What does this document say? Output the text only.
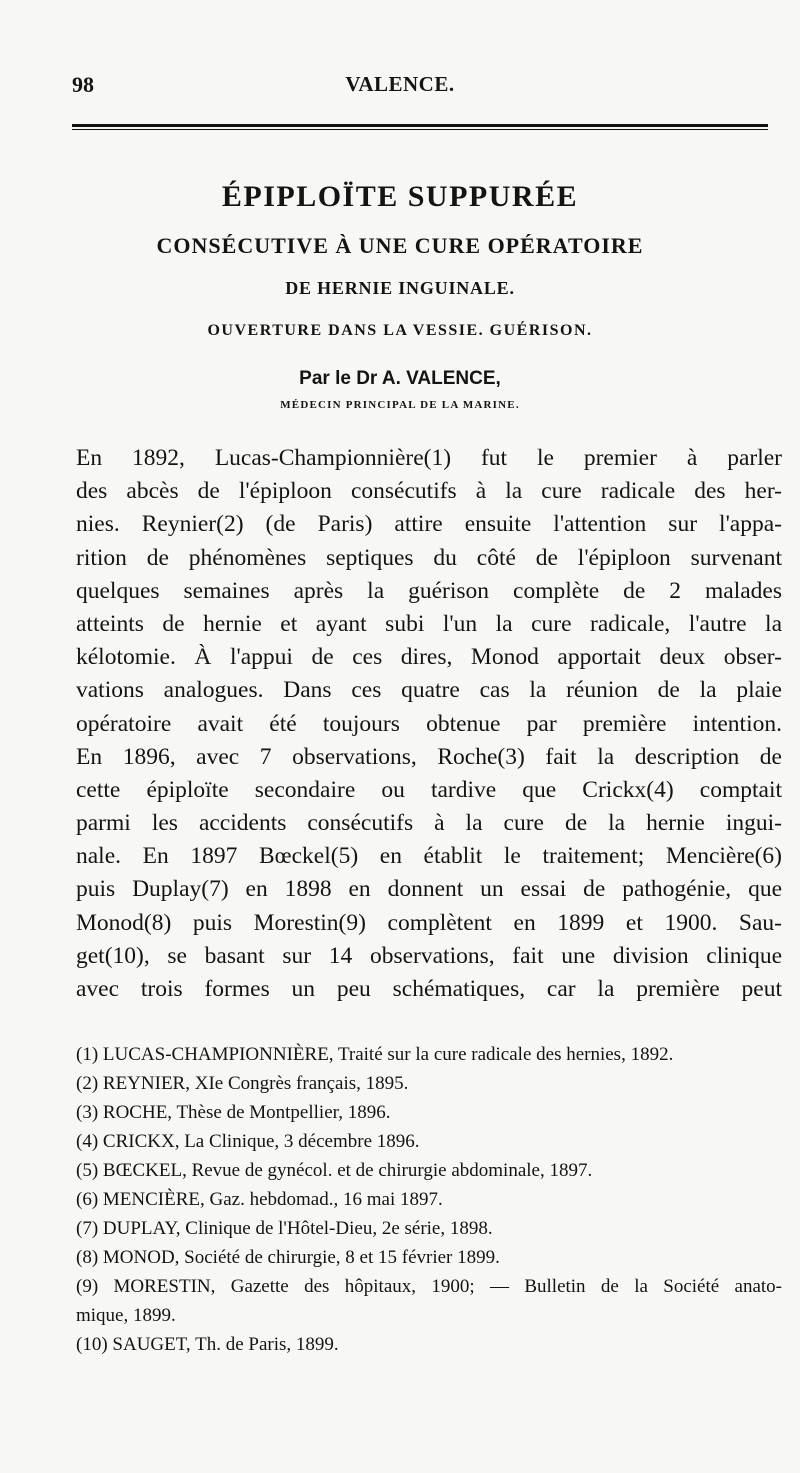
98	VALENCE.
ÉPIPLOÏTE SUPPURÉE
CONSÉCUTIVE À UNE CURE OPÉRATOIRE
DE HERNIE INGUINALE.
OUVERTURE DANS LA VESSIE. GUÉRISON.
Par le Dr A. VALENCE,
MÉDECIN PRINCIPAL DE LA MARINE.
En 1892, Lucas-Championnière(1) fut le premier à parler
des abcès de l'épiploon consécutifs à la cure radicale des her-
nies. Reynier(2) (de Paris) attire ensuite l'attention sur l'appa-
rition de phénomènes septiques du côté de l'épiploon survenant
quelques semaines après la guérison complète de 2 malades
atteints de hernie et ayant subi l'un la cure radicale, l'autre la
kélotomie. À l'appui de ces dires, Monod apportait deux obser-
vations analogues. Dans ces quatre cas la réunion de la plaie
opératoire avait été toujours obtenue par première intention.
En 1896, avec 7 observations, Roche(3) fait la description de
cette épiploïte secondaire ou tardive que Crickx(4) comptait
parmi les accidents consécutifs à la cure de la hernie ingui-
nale. En 1897 Bœckel(5) en établit le traitement; Mencière(6)
puis Duplay(7) en 1898 en donnent un essai de pathogénie, que
Monod(8) puis Morestin(9) complètent en 1899 et 1900. Sau-
get(10), se basant sur 14 observations, fait une division clinique
avec trois formes un peu schématiques, car la première peut
(1) LUCAS-CHAMPIONNIÈRE, Traité sur la cure radicale des hernies, 1892.
(2) REYNIER, XIe Congrès français, 1895.
(3) ROCHE, Thèse de Montpellier, 1896.
(4) CRICKX, La Clinique, 3 décembre 1896.
(5) BŒCKEL, Revue de gynécol. et de chirurgie abdominale, 1897.
(6) MENCIÈRE, Gaz. hebdomad., 16 mai 1897.
(7) DUPLAY, Clinique de l'Hôtel-Dieu, 2e série, 1898.
(8) MONOD, Société de chirurgie, 8 et 15 février 1899.
(9) MORESTIN, Gazette des hôpitaux, 1900; — Bulletin de la Société anato-
mique, 1899.
(10) SAUGET, Th. de Paris, 1899.
